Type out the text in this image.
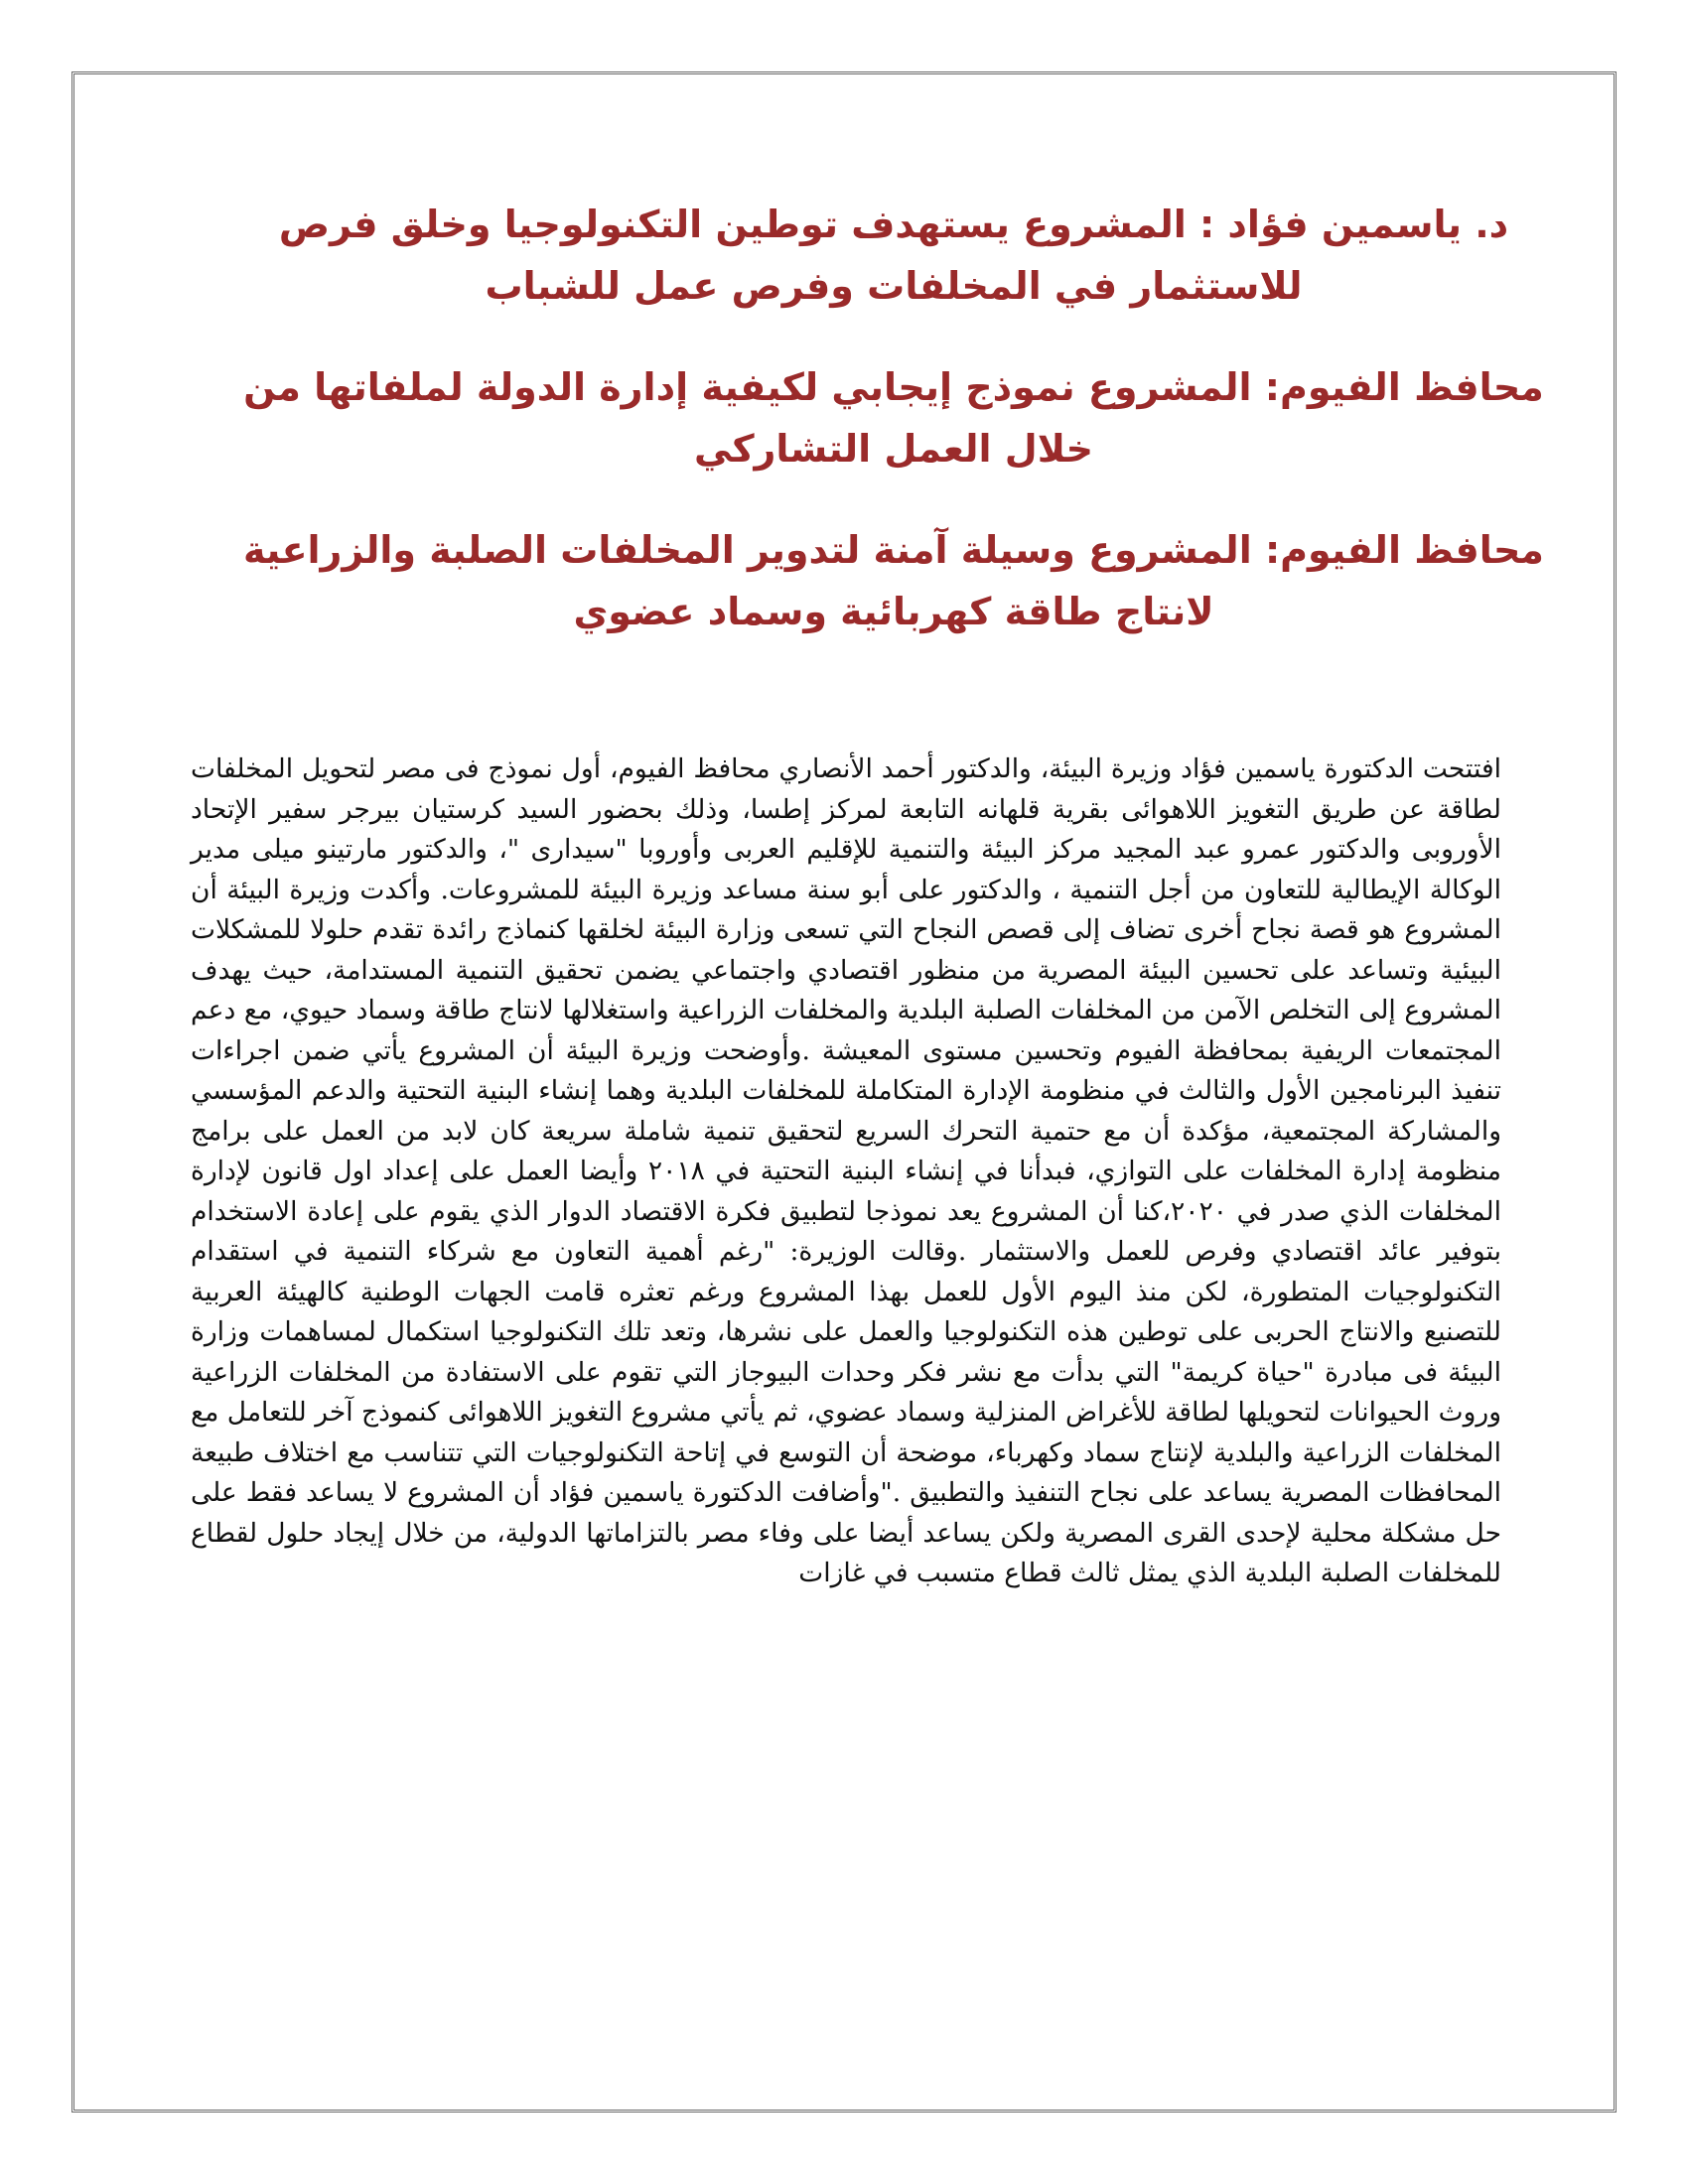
د. ياسمين فؤاد : المشروع يستهدف توطين التكنولوجيا وخلق فرص للاستثمار في المخلفات وفرص عمل للشباب
محافظ الفيوم: المشروع نموذج إيجابي لكيفية إدارة الدولة لملفاتها من خلال العمل التشاركي
محافظ الفيوم: المشروع وسيلة آمنة لتدوير المخلفات الصلبة والزراعية لانتاج طاقة كهربائية وسماد عضوي

افتتحت الدكتورة ياسمين فؤاد وزيرة البيئة، والدكتور أحمد الأنصاري محافظ الفيوم، أول نموذج فى مصر لتحويل المخلفات لطاقة عن طريق التغويز اللاهوائى بقرية قلهانه التابعة لمركز إطسا، وذلك بحضور السيد كرستيان بيرجر سفير الإتحاد الأوروبى والدكتور عمرو عبد المجيد مركز البيئة والتنمية للإقليم العربى وأوروبا "سيدارى "، والدكتور مارتينو ميلى مدير الوكالة الإيطالية للتعاون من أجل التنمية ، والدكتور على أبو سنة مساعد وزيرة البيئة للمشروعات. وأكدت وزيرة البيئة أن المشروع هو قصة نجاح أخرى تضاف إلى قصص النجاح التي تسعى وزارة البيئة لخلقها كنماذج رائدة تقدم حلولا للمشكلات البيئية وتساعد على تحسين البيئة المصرية من منظور اقتصادي واجتماعي يضمن تحقيق التنمية المستدامة، حيث يهدف المشروع إلى التخلص الآمن من المخلفات الصلبة البلدية والمخلفات الزراعية واستغلالها لانتاج طاقة وسماد حيوي، مع دعم المجتمعات الريفية بمحافظة الفيوم وتحسين مستوى المعيشة .وأوضحت وزيرة البيئة أن المشروع يأتي ضمن اجراءات تنفيذ البرنامجين الأول والثالث في منظومة الإدارة المتكاملة للمخلفات البلدية وهما إنشاء البنية التحتية والدعم المؤسسي والمشاركة المجتمعية، مؤكدة أن مع حتمية التحرك السريع لتحقيق تنمية شاملة سريعة كان لابد من العمل على برامج منظومة إدارة المخلفات على التوازي، فبدأنا في إنشاء البنية التحتية في ٢٠١٨ وأيضا العمل على إعداد اول قانون لإدارة المخلفات الذي صدر في ٢٠٢٠،كنا أن المشروع يعد نموذجا لتطبيق فكرة الاقتصاد الدوار الذي يقوم على إعادة الاستخدام بتوفير عائد اقتصادي وفرص للعمل والاستثمار .وقالت الوزيرة: "رغم أهمية التعاون مع شركاء التنمية في استقدام التكنولوجيات المتطورة، لكن منذ اليوم الأول للعمل بهذا المشروع ورغم تعثره قامت الجهات الوطنية كالهيئة العربية للتصنيع والانتاج الحربى على توطين هذه التكنولوجيا والعمل على نشرها، وتعد تلك التكنولوجيا استكمال لمساهمات وزارة البيئة فى مبادرة "حياة كريمة" التي بدأت مع نشر فكر وحدات البيوجاز التي تقوم على الاستفادة من المخلفات الزراعية وروث الحيوانات لتحويلها لطاقة للأغراض المنزلية وسماد عضوي، ثم يأتي مشروع التغويز اللاهوائى كنموذج آخر للتعامل مع المخلفات الزراعية والبلدية لإنتاج سماد وكهرباء، موضحة أن التوسع في إتاحة التكنولوجيات التي تتناسب مع اختلاف طبيعة المحافظات المصرية يساعد على نجاح التنفيذ والتطبيق ."وأضافت الدكتورة ياسمين فؤاد أن المشروع لا يساعد فقط على حل مشكلة محلية لإحدى القرى المصرية ولكن يساعد أيضا على وفاء مصر بالتزاماتها الدولية، من خلال إيجاد حلول لقطاع للمخلفات الصلبة البلدية الذي يمثل ثالث قطاع متسبب في غازات
